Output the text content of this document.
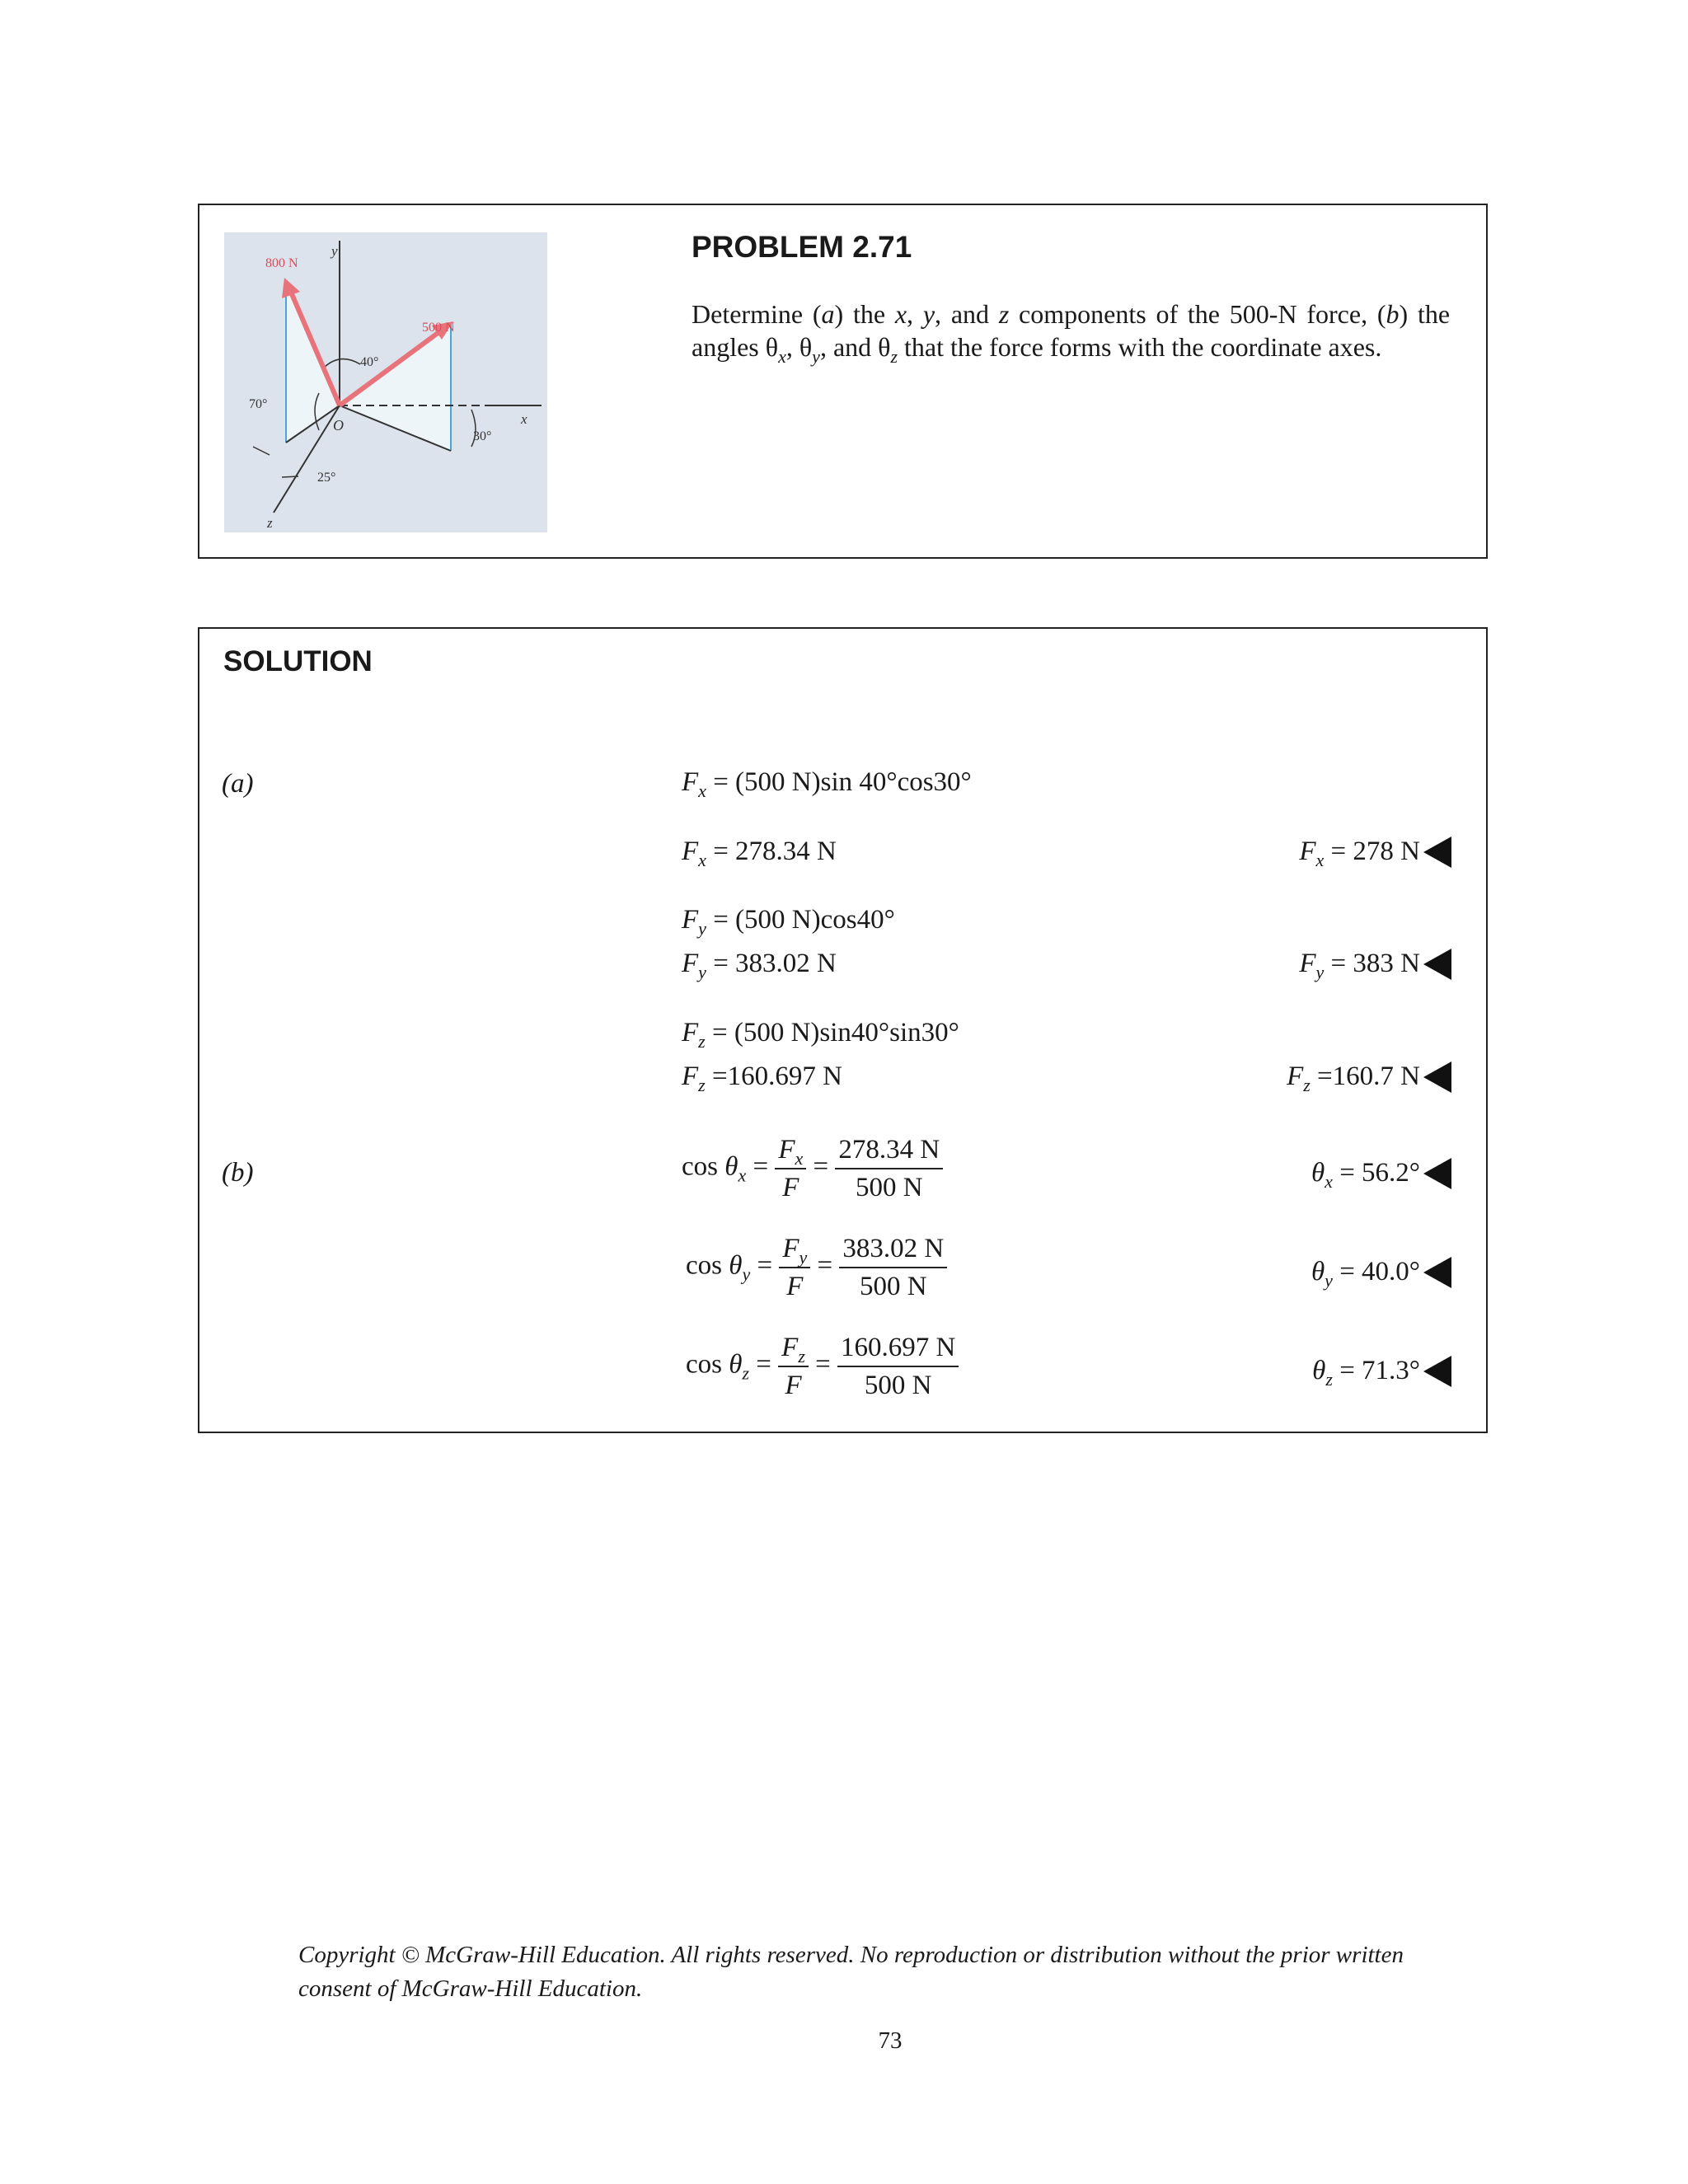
800 N
500 N
40°
70°
30°
25°
y
x
z
O
PROBLEM 2.71
Determine (a) the x, y, and z components of the 500-N force, (b) the angles $\theta_x$, $\theta_y$, and $\theta_z$ that the force forms with the coordinate axes.
SOLUTION
(a)
(b)
$F_x = (500$ N)sin 40°cos30°
$F_x = 278.34$ N	$F_x = 278$ N
$F_y = (500$ N)cos40°
$F_y = 383.02$ N	$F_y = 383$ N
$F_z = (500$ N)sin40°sin30°
$F_z =160.697$ N	$F_z =160.7$ N
$\cos \theta_x = \frac{F_x}{F} = \frac{278.34 N}{500 N}$	$\theta_x = 56.2^\circ$
$\cos \theta_y = \frac{F_y}{F} = \frac{383.02 N}{500 N}$	$\theta_y = 40.0^\circ$
$\cos \theta_z = \frac{F_z}{F} = \frac{160.697 N}{500 N}$	$\theta_z = 71.3^\circ$
Copyright © McGraw-Hill Education. All rights reserved. No reproduction or distribution without the prior written consent of McGraw-Hill Education.
73
